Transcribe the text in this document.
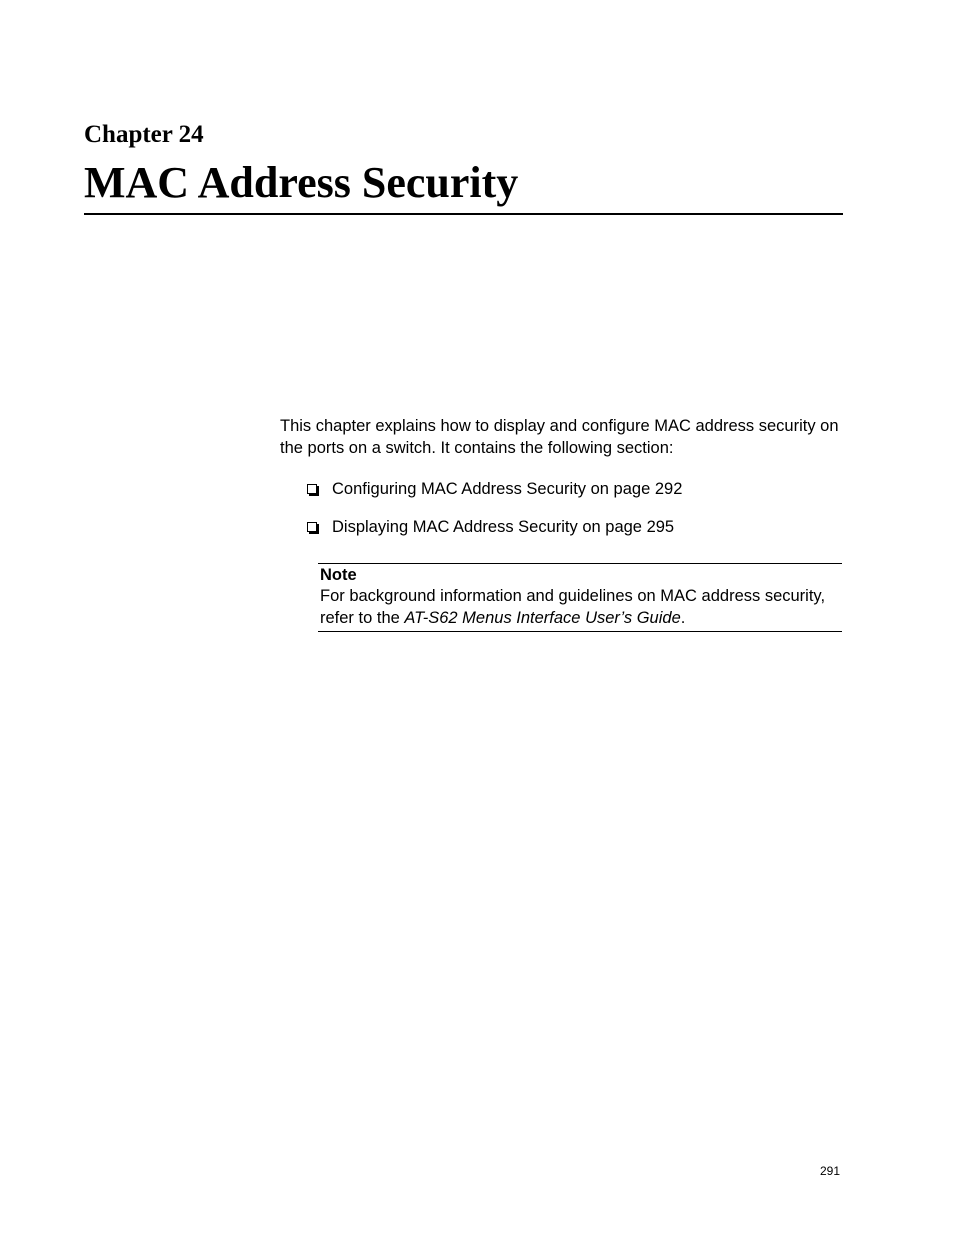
Chapter 24
MAC Address Security

This chapter explains how to display and configure MAC address security on the ports on a switch. It contains the following section:

Configuring MAC Address Security on page 292
Displaying MAC Address Security on page 295
Note
For background information and guidelines on MAC address security, refer to the AT-S62 Menus Interface User’s Guide.
291
